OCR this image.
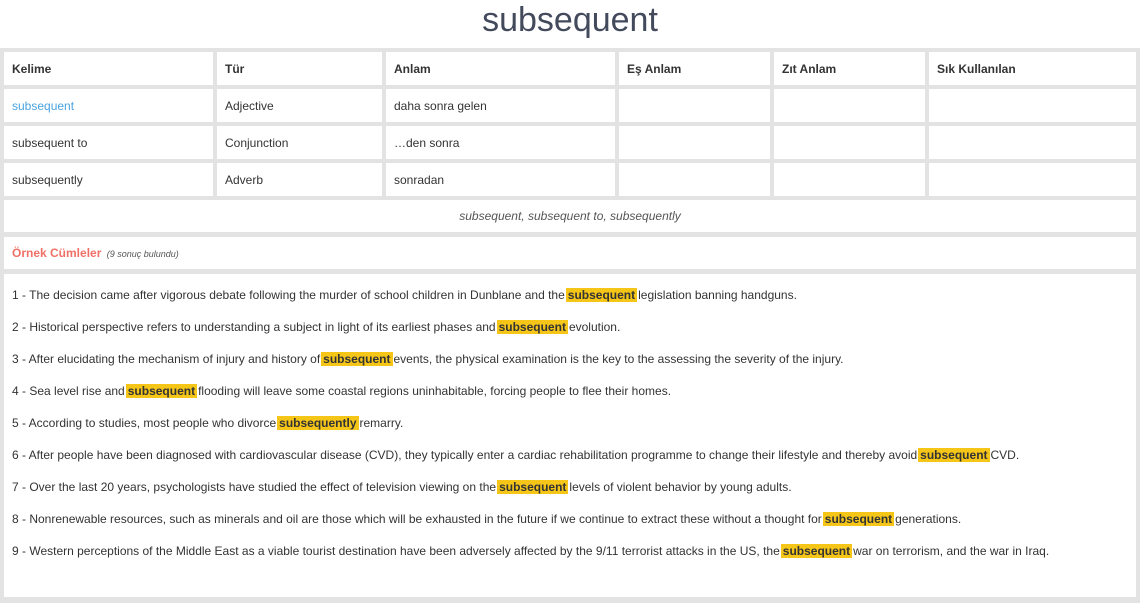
subsequent
Kelime	Tür	Anlam	Eş Anlam	Zıt Anlam	Sık Kullanılan
subsequent	Adjective	daha sonra gelen			
subsequent to	Conjunction	…den sonra			
subsequently	Adverb	sonradan			
subsequent, subsequent to, subsequently
Örnek Cümleler (9 sonuç bulundu)

1 - The decision came after vigorous debate following the murder of school children in Dunblane and the subsequent legislation banning handguns.

2 - Historical perspective refers to understanding a subject in light of its earliest phases and subsequent evolution.

3 - After elucidating the mechanism of injury and history of subsequent events, the physical examination is the key to the assessing the severity of the injury.

4 - Sea level rise and subsequent flooding will leave some coastal regions uninhabitable, forcing people to flee their homes.

5 - According to studies, most people who divorce subsequently remarry.

6 - After people have been diagnosed with cardiovascular disease (CVD), they typically enter a cardiac rehabilitation programme to change their lifestyle and thereby avoid subsequent CVD.

7 - Over the last 20 years, psychologists have studied the effect of television viewing on the subsequent levels of violent behavior by young adults.

8 - Nonrenewable resources, such as minerals and oil are those which will be exhausted in the future if we continue to extract these without a thought for subsequent generations.

9 - Western perceptions of the Middle East as a viable tourist destination have been adversely affected by the 9/11 terrorist attacks in the US, the subsequent war on terrorism, and the war in Iraq.
